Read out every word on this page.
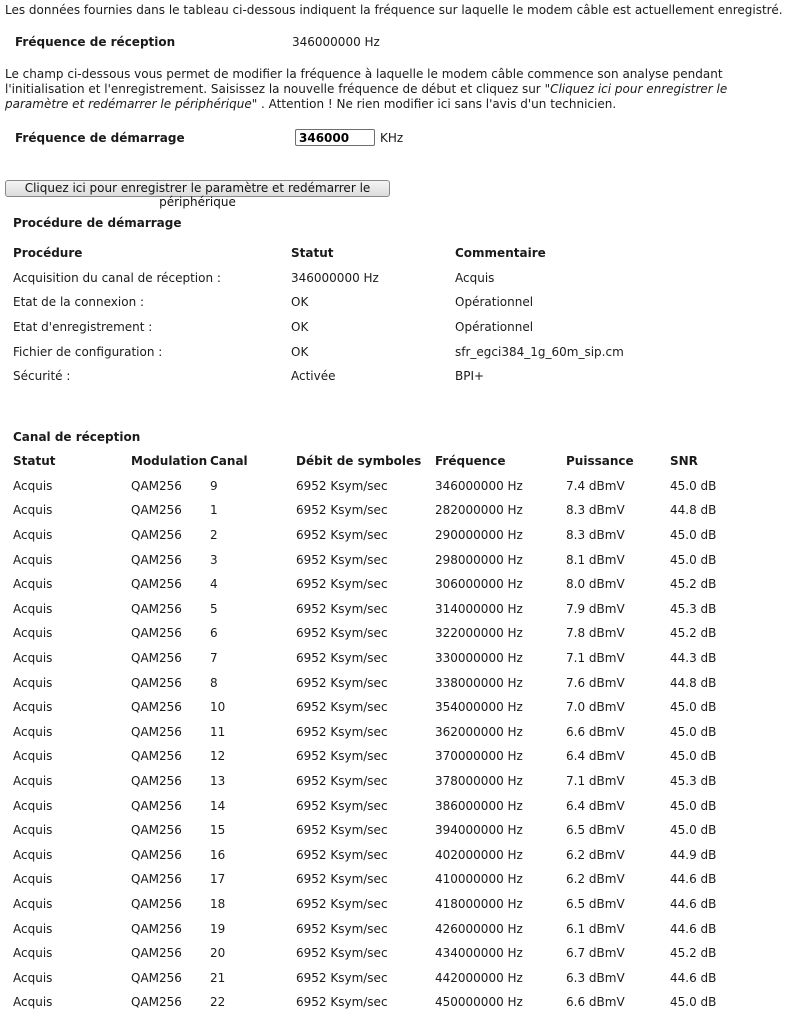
Les données fournies dans le tableau ci-dessous indiquent la fréquence sur laquelle le modem câble est actuellement enregistré.
Fréquence de réception	346000000 Hz

Le champ ci-dessous vous permet de modifier la fréquence à laquelle le modem câble commence son analyse pendant l'initialisation et l'enregistrement. Saisissez la nouvelle fréquence de début et cliquez sur "Cliquez ici pour enregistrer le paramètre et redémarrer le périphérique" . Attention ! Ne rien modifier ici sans l'avis d'un technicien.

Fréquence de démarrage
346000	KHz
Cliquez ici pour enregistrer le paramètre et redémarrer le périphérique
Procédure de démarrage
Procédure	Statut	Commentaire
Acquisition du canal de réception :	346000000 Hz	Acquis
Etat de la connexion :	OK	Opérationnel
Etat d'enregistrement :	OK	Opérationnel
Fichier de configuration :	OK	sfr_egci384_1g_60m_sip.cm
Sécurité :	Activée	BPI+
Canal de réception
Statut	Modulation	Canal	Débit de symboles	Fréquence	Puissance	SNR
Acquis	QAM256	9	6952 Ksym/sec	346000000 Hz	7.4 dBmV	45.0 dB
Acquis	QAM256	1	6952 Ksym/sec	282000000 Hz	8.3 dBmV	44.8 dB
Acquis	QAM256	2	6952 Ksym/sec	290000000 Hz	8.3 dBmV	45.0 dB
Acquis	QAM256	3	6952 Ksym/sec	298000000 Hz	8.1 dBmV	45.0 dB
Acquis	QAM256	4	6952 Ksym/sec	306000000 Hz	8.0 dBmV	45.2 dB
Acquis	QAM256	5	6952 Ksym/sec	314000000 Hz	7.9 dBmV	45.3 dB
Acquis	QAM256	6	6952 Ksym/sec	322000000 Hz	7.8 dBmV	45.2 dB
Acquis	QAM256	7	6952 Ksym/sec	330000000 Hz	7.1 dBmV	44.3 dB
Acquis	QAM256	8	6952 Ksym/sec	338000000 Hz	7.6 dBmV	44.8 dB
Acquis	QAM256	10	6952 Ksym/sec	354000000 Hz	7.0 dBmV	45.0 dB
Acquis	QAM256	11	6952 Ksym/sec	362000000 Hz	6.6 dBmV	45.0 dB
Acquis	QAM256	12	6952 Ksym/sec	370000000 Hz	6.4 dBmV	45.0 dB
Acquis	QAM256	13	6952 Ksym/sec	378000000 Hz	7.1 dBmV	45.3 dB
Acquis	QAM256	14	6952 Ksym/sec	386000000 Hz	6.4 dBmV	45.0 dB
Acquis	QAM256	15	6952 Ksym/sec	394000000 Hz	6.5 dBmV	45.0 dB
Acquis	QAM256	16	6952 Ksym/sec	402000000 Hz	6.2 dBmV	44.9 dB
Acquis	QAM256	17	6952 Ksym/sec	410000000 Hz	6.2 dBmV	44.6 dB
Acquis	QAM256	18	6952 Ksym/sec	418000000 Hz	6.5 dBmV	44.6 dB
Acquis	QAM256	19	6952 Ksym/sec	426000000 Hz	6.1 dBmV	44.6 dB
Acquis	QAM256	20	6952 Ksym/sec	434000000 Hz	6.7 dBmV	45.2 dB
Acquis	QAM256	21	6952 Ksym/sec	442000000 Hz	6.3 dBmV	44.6 dB
Acquis	QAM256	22	6952 Ksym/sec	450000000 Hz	6.6 dBmV	45.0 dB
